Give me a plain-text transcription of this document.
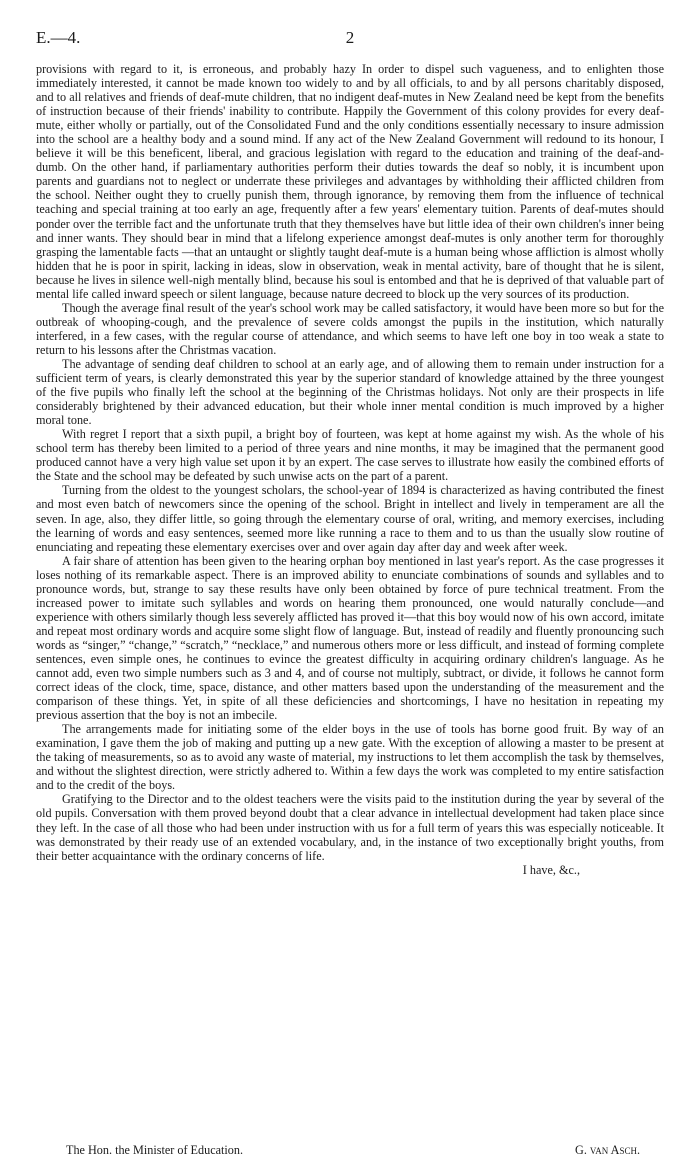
E.—4.	2

provisions with regard to it, is erroneous, and probably hazy In order to dispel such vagueness, and to enlighten those immediately interested, it cannot be made known too widely to and by all officials, to and by all persons charitably disposed, and to all relatives and friends of deaf-mute children, that no indigent deaf-mutes in New Zealand need be kept from the benefits of instruction because of their friends' inability to contribute. Happily the Government of this colony provides for every deaf-mute, either wholly or partially, out of the Consolidated Fund and the only conditions essentially necessary to insure admission into the school are a healthy body and a sound mind. If any act of the New Zealand Government will redound to its honour, I believe it will be this beneficent, liberal, and gracious legislation with regard to the education and training of the deaf-and-dumb. On the other hand, if parliamentary authorities perform their duties towards the deaf so nobly, it is incumbent upon parents and guardians not to neglect or underrate these privileges and advantages by withholding their afflicted children from the school. Neither ought they to cruelly punish them, through ignorance, by removing them from the influence of technical teaching and special training at too early an age, frequently after a few years' elementary tuition. Parents of deaf-mutes should ponder over the terrible fact and the unfortunate truth that they themselves have but little idea of their own children's inner being and inner wants. They should bear in mind that a lifelong experience amongst deaf-mutes is only another term for thoroughly grasping the lamentable facts —that an untaught or slightly taught deaf-mute is a human being whose affliction is almost wholly hidden that he is poor in spirit, lacking in ideas, slow in observation, weak in mental activity, bare of thought that he is silent, because he lives in silence well-nigh mentally blind, because his soul is entombed and that he is deprived of that valuable part of mental life called inward speech or silent language, because nature decreed to block up the very sources of its production.

Though the average final result of the year's school work may be called satisfactory, it would have been more so but for the outbreak of whooping-cough, and the prevalence of severe colds amongst the pupils in the institution, which naturally interfered, in a few cases, with the regular course of attendance, and which seems to have left one boy in too weak a state to return to his lessons after the Christmas vacation.

The advantage of sending deaf children to school at an early age, and of allowing them to remain under instruction for a sufficient term of years, is clearly demonstrated this year by the superior standard of knowledge attained by the three youngest of the five pupils who finally left the school at the beginning of the Christmas holidays. Not only are their prospects in life considerably brightened by their advanced education, but their whole inner mental condition is much improved by a higher moral tone.

With regret I report that a sixth pupil, a bright boy of fourteen, was kept at home against my wish. As the whole of his school term has thereby been limited to a period of three years and nine months, it may be imagined that the permanent good produced cannot have a very high value set upon it by an expert. The case serves to illustrate how easily the combined efforts of the State and the school may be defeated by such unwise acts on the part of a parent.

Turning from the oldest to the youngest scholars, the school-year of 1894 is characterized as having contributed the finest and most even batch of newcomers since the opening of the school. Bright in intellect and lively in temperament are all the seven. In age, also, they differ little, so going through the elementary course of oral, writing, and memory exercises, including the learning of words and easy sentences, seemed more like running a race to them and to us than the usually slow routine of enunciating and repeating these elementary exercises over and over again day after day and week after week.

A fair share of attention has been given to the hearing orphan boy mentioned in last year's report. As the case progresses it loses nothing of its remarkable aspect. There is an improved ability to enunciate combinations of sounds and syllables and to pronounce words, but, strange to say these results have only been obtained by force of pure technical treatment. From the increased power to imitate such syllables and words on hearing them pronounced, one would naturally conclude—and experience with others similarly though less severely afflicted has proved it—that this boy would now of his own accord, imitate and repeat most ordinary words and acquire some slight flow of language. But, instead of readily and fluently pronouncing such words as “singer,” “change,” “scratch,” “necklace,” and numerous others more or less difficult, and instead of forming complete sentences, even simple ones, he continues to evince the greatest difficulty in acquiring ordinary children's language. As he cannot add, even two simple numbers such as 3 and 4, and of course not multiply, subtract, or divide, it follows he cannot form correct ideas of the clock, time, space, distance, and other matters based upon the understanding of the measurement and the comparison of these things. Yet, in spite of all these deficiencies and shortcomings, I have no hesitation in repeating my previous assertion that the boy is not an imbecile.

The arrangements made for initiating some of the elder boys in the use of tools has borne good fruit. By way of an examination, I gave them the job of making and putting up a new gate. With the exception of allowing a master to be present at the taking of measurements, so as to avoid any waste of material, my instructions to let them accomplish the task by themselves, and without the slightest direction, were strictly adhered to. Within a few days the work was completed to my entire satisfaction and to the credit of the boys.

Gratifying to the Director and to the oldest teachers were the visits paid to the institution during the year by several of the old pupils. Conversation with them proved beyond doubt that a clear advance in intellectual development had taken place since they left. In the case of all those who had been under instruction with us for a full term of years this was especially noticeable. It was demonstrated by their ready use of an extended vocabulary, and, in the instance of two exceptionally bright youths, from their better acquaintance with the ordinary concerns of life.

I have, &c.,

The Hon. the Minister of Education.	G. van Asch.
